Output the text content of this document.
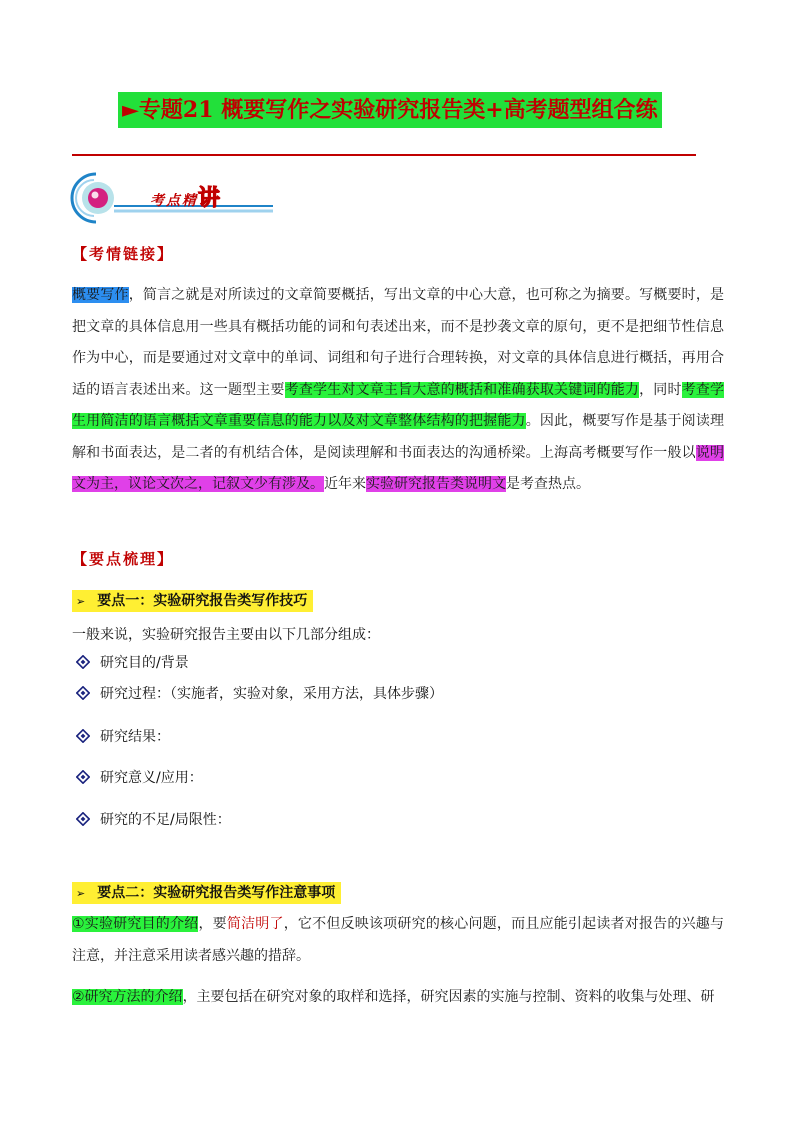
►专题21 概要写作之实验研究报告类+高考题型组合练
考点精讲
【考情链接】
概要写作，简言之就是对所读过的文章简要概括，写出文章的中心大意，也可称之为摘要。写概要时，是把文章的具体信息用一些具有概括功能的词和句表述出来，而不是抄袭文章的原句，更不是把细节性信息作为中心，而是要通过对文章中的单词、词组和句子进行合理转换，对文章的具体信息进行概括，再用合适的语言表述出来。这一题型主要考查学生对文章主旨大意的概括和准确获取关键词的能力，同时考查学生用简洁的语言概括文章重要信息的能力以及对文章整体结构的把握能力。因此，概要写作是基于阅读理解和书面表达，是二者的有机结合体，是阅读理解和书面表达的沟通桥梁。上海高考概要写作一般以说明文为主，议论文次之，记叙文少有涉及。近年来实验研究报告类说明文是考查热点。
【要点梳理】
➢ 要点一：实验研究报告类写作技巧
一般来说，实验研究报告主要由以下几部分组成：
研究目的/背景
研究过程：（实施者，实验对象，采用方法，具体步骤）
研究结果：
研究意义/应用：
研究的不足/局限性：
➢ 要点二：实验研究报告类写作注意事项
①实验研究目的介绍，要简洁明了，它不但反映该项研究的核心问题，而且应能引起读者对报告的兴趣与注意，并注意采用读者感兴趣的措辞。
②研究方法的介绍，主要包括在研究对象的取样和选择，研究因素的实施与控制、资料的收集与处理、研
